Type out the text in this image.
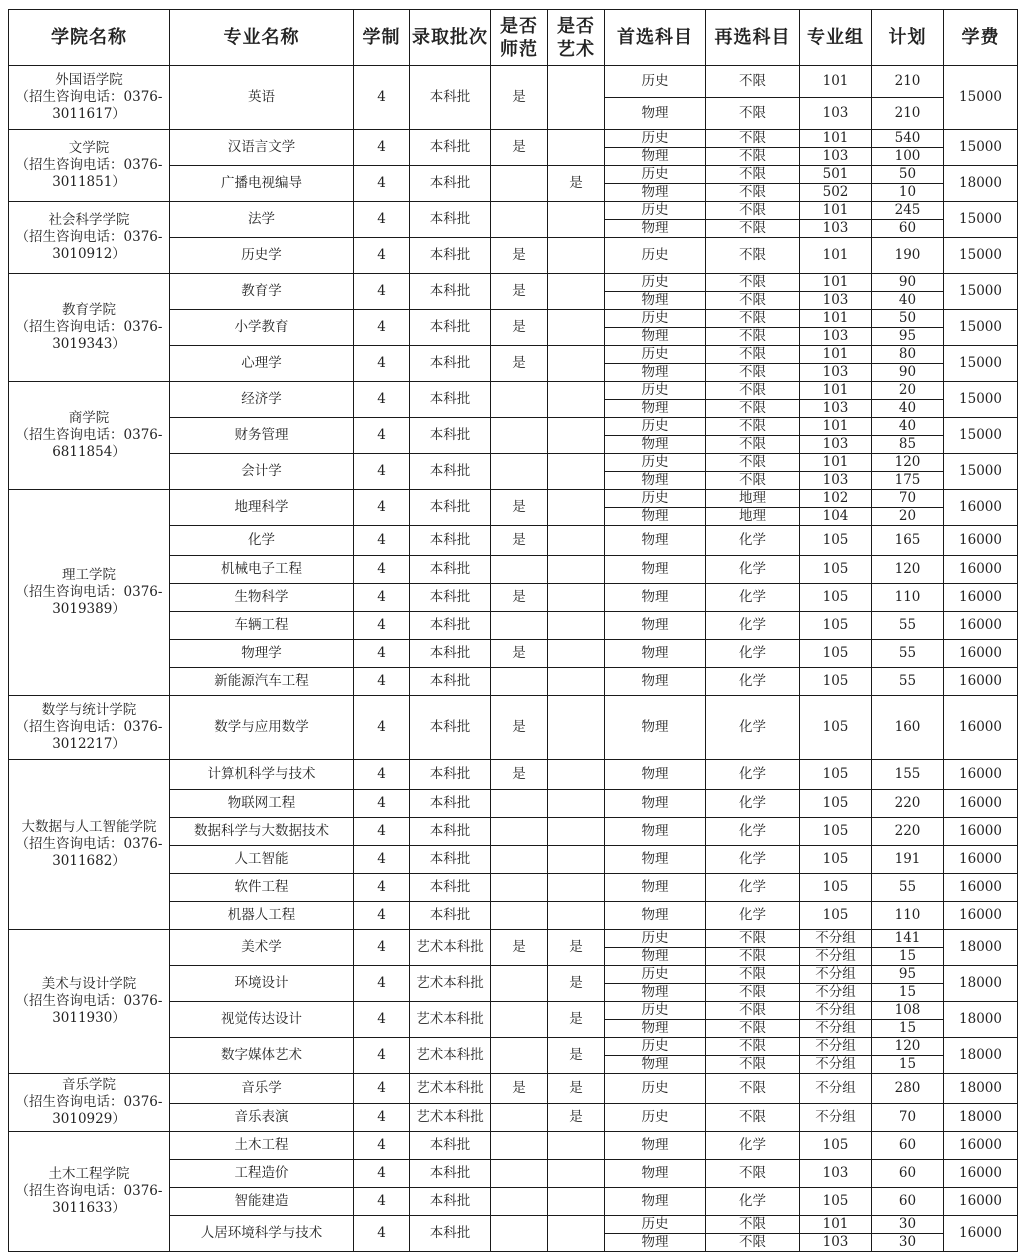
学院名称	专业名称	学制	录取批次	是否师范	是否艺术	首选科目	再选科目	专业组	计划	学费

外国语学院
（招生咨询电话：0376-3011617）	英语	4	本科批	是		历史	不限	101	210	15000
						物理	不限	103	210	

文学院
（招生咨询电话：0376-3011851）	汉语言文学	4	本科批	是		历史	不限	101	540	15000
						物理	不限	103	100	
	广播电视编导	4	本科批		是	历史	不限	501	50	18000
						物理	不限	502	10	

社会科学学院
（招生咨询电话：0376-3010912）	法学	4	本科批			历史	不限	101	245	15000
						物理	不限	103	60	
	历史学	4	本科批	是		历史	不限	101	190	15000

教育学院
（招生咨询电话：0376-3019343）	教育学	4	本科批	是		历史	不限	101	90	15000
						物理	不限	103	40	
	小学教育	4	本科批	是		历史	不限	101	50	15000
						物理	不限	103	95	
	心理学	4	本科批	是		历史	不限	101	80	15000
						物理	不限	103	90	

商学院
（招生咨询电话：0376-6811854）	经济学	4	本科批			历史	不限	101	20	15000
						物理	不限	103	40	
	财务管理	4	本科批			历史	不限	101	40	15000
						物理	不限	103	85	
	会计学	4	本科批			历史	不限	101	120	15000
						物理	不限	103	175	

理工学院
（招生咨询电话：0376-3019389）	地理科学	4	本科批	是		历史	地理	102	70	16000
						物理	地理	104	20	
	化学	4	本科批	是		物理	化学	105	165	16000
	机械电子工程	4	本科批			物理	化学	105	120	16000
	生物科学	4	本科批	是		物理	化学	105	110	16000
	车辆工程	4	本科批			物理	化学	105	55	16000
	物理学	4	本科批	是		物理	化学	105	55	16000
	新能源汽车工程	4	本科批			物理	化学	105	55	16000

数学与统计学院
（招生咨询电话：0376-3012217）	数学与应用数学	4	本科批	是		物理	化学	105	160	16000

大数据与人工智能学院
（招生咨询电话：0376-3011682）	计算机科学与技术	4	本科批	是		物理	化学	105	155	16000
	物联网工程	4	本科批			物理	化学	105	220	16000
	数据科学与大数据技术	4	本科批			物理	化学	105	220	16000
	人工智能	4	本科批			物理	化学	105	191	16000
	软件工程	4	本科批			物理	化学	105	55	16000
	机器人工程	4	本科批			物理	化学	105	110	16000

美术与设计学院
（招生咨询电话：0376-3011930）	美术学	4	艺术本科批	是	是	历史	不限	不分组	141	18000
						物理	不限	不分组	15	
	环境设计	4	艺术本科批		是	历史	不限	不分组	95	18000
						物理	不限	不分组	15	
	视觉传达设计	4	艺术本科批		是	历史	不限	不分组	108	18000
						物理	不限	不分组	15	
	数字媒体艺术	4	艺术本科批		是	历史	不限	不分组	120	18000
						物理	不限	不分组	15	

音乐学院
（招生咨询电话：0376-3010929）	音乐学	4	艺术本科批	是	是	历史	不限	不分组	280	18000
	音乐表演	4	艺术本科批		是	历史	不限	不分组	70	18000

土木工程学院
（招生咨询电话：0376-3011633）	土木工程	4	本科批			物理	化学	105	60	16000
	工程造价	4	本科批			物理	不限	103	60	16000
	智能建造	4	本科批			物理	化学	105	60	16000
	人居环境科学与技术	4	本科批			历史	不限	101	30	16000
						物理	不限	103	30	
